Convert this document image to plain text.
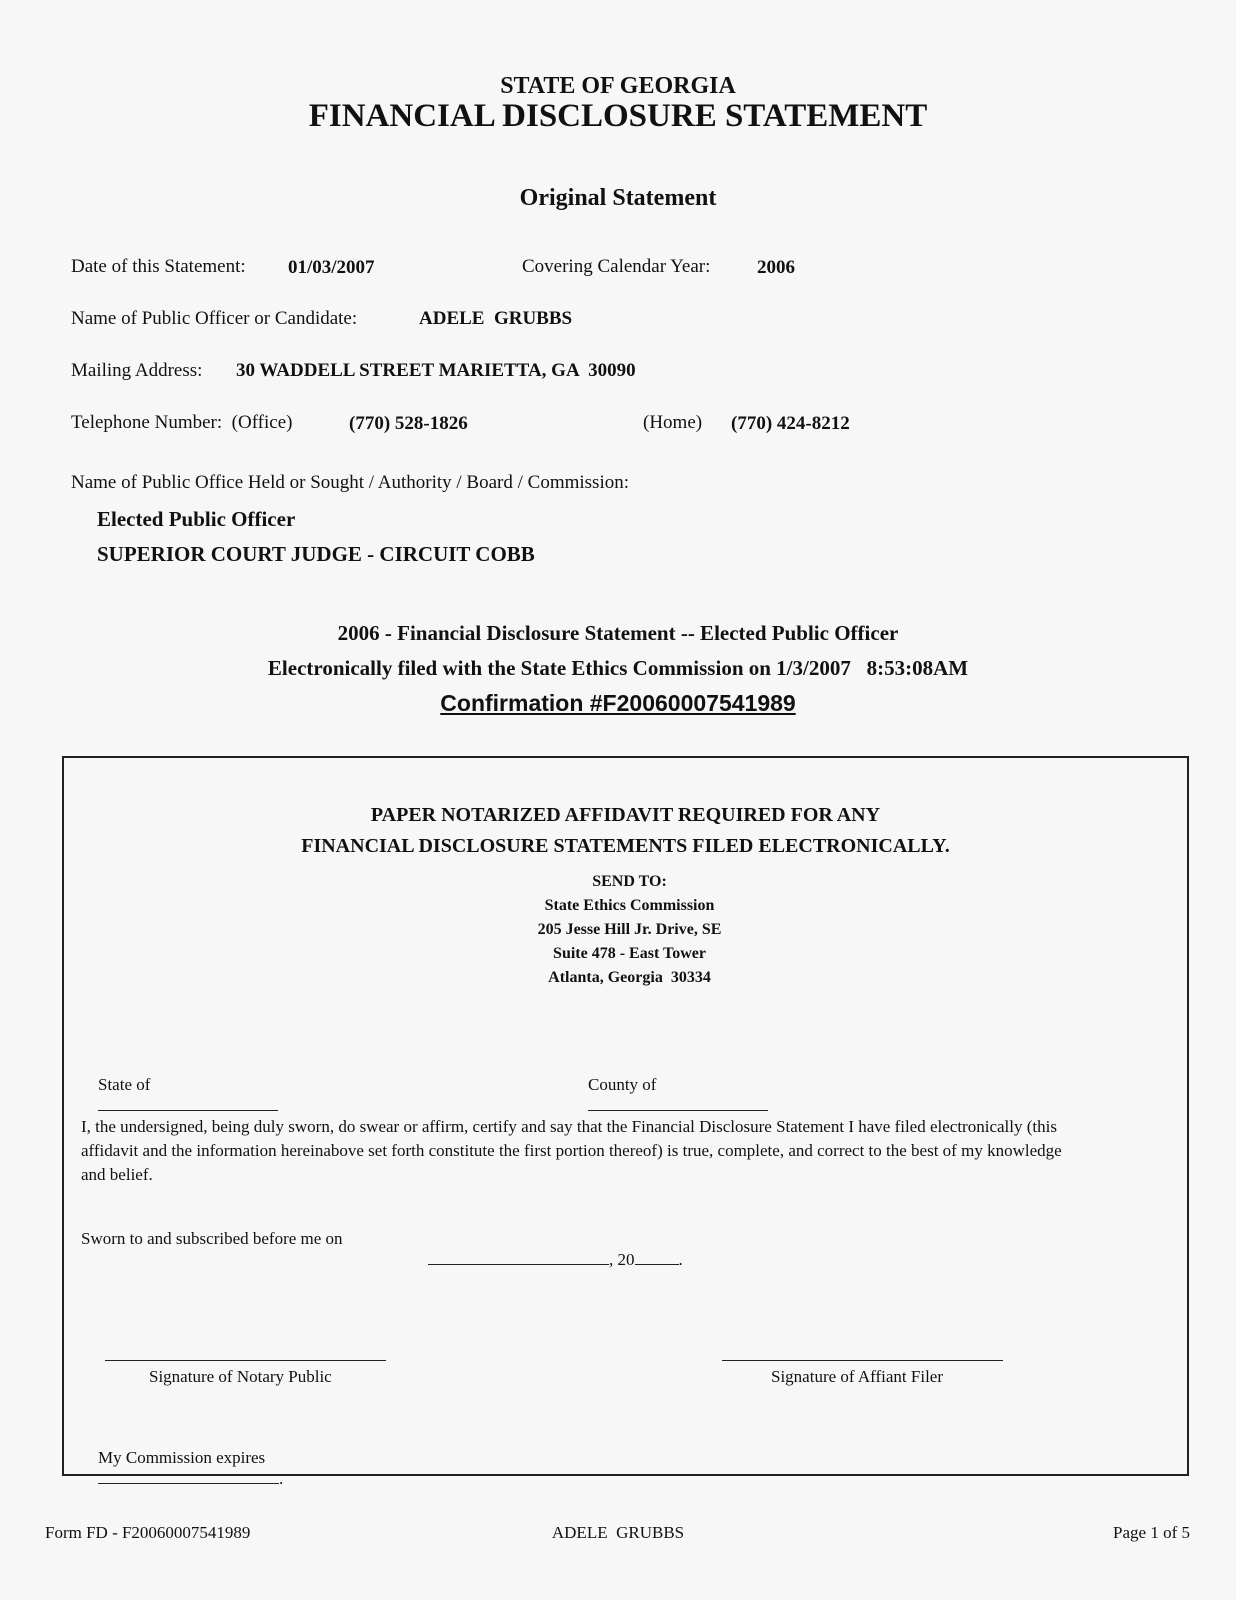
STATE OF GEORGIA
FINANCIAL DISCLOSURE STATEMENT
Original Statement
Date of this Statement: 01/03/2007	Covering Calendar Year: 2006
Name of Public Officer or Candidate:	ADELE  GRUBBS
Mailing Address: 30 WADDELL STREET MARIETTA, GA  30090
Telephone Number:  (Office)	(770) 528-1826	(Home) (770) 424-8212
Name of Public Office Held or Sought / Authority / Board / Commission:
Elected Public Officer
SUPERIOR COURT JUDGE - CIRCUIT COBB
2006 - Financial Disclosure Statement -- Elected Public Officer
Electronically filed with the State Ethics Commission on 1/3/2007   8:53:08AM
Confirmation #F20060007541989
PAPER NOTARIZED AFFIDAVIT REQUIRED FOR ANY
FINANCIAL DISCLOSURE STATEMENTS FILED ELECTRONICALLY.
SEND TO:
State Ethics Commission
205 Jesse Hill Jr. Drive, SE
Suite 478 - East Tower
Atlanta, Georgia  30334

State of

	County of

I, the undersigned, being duly sworn, do swear or affirm, certify and say that the Financial Disclosure Statement I have filed electronically (this affidavit and the information hereinabove set forth constitute the first portion thereof) is true, complete, and correct to the best of my knowledge and belief.
Sworn to and subscribed before me on

, 20	.

Signature of Notary Public	Signature of Affiant Filer

My Commission expires
.

Form FD - F20060007541989	ADELE  GRUBBS	Page 1 of 5
